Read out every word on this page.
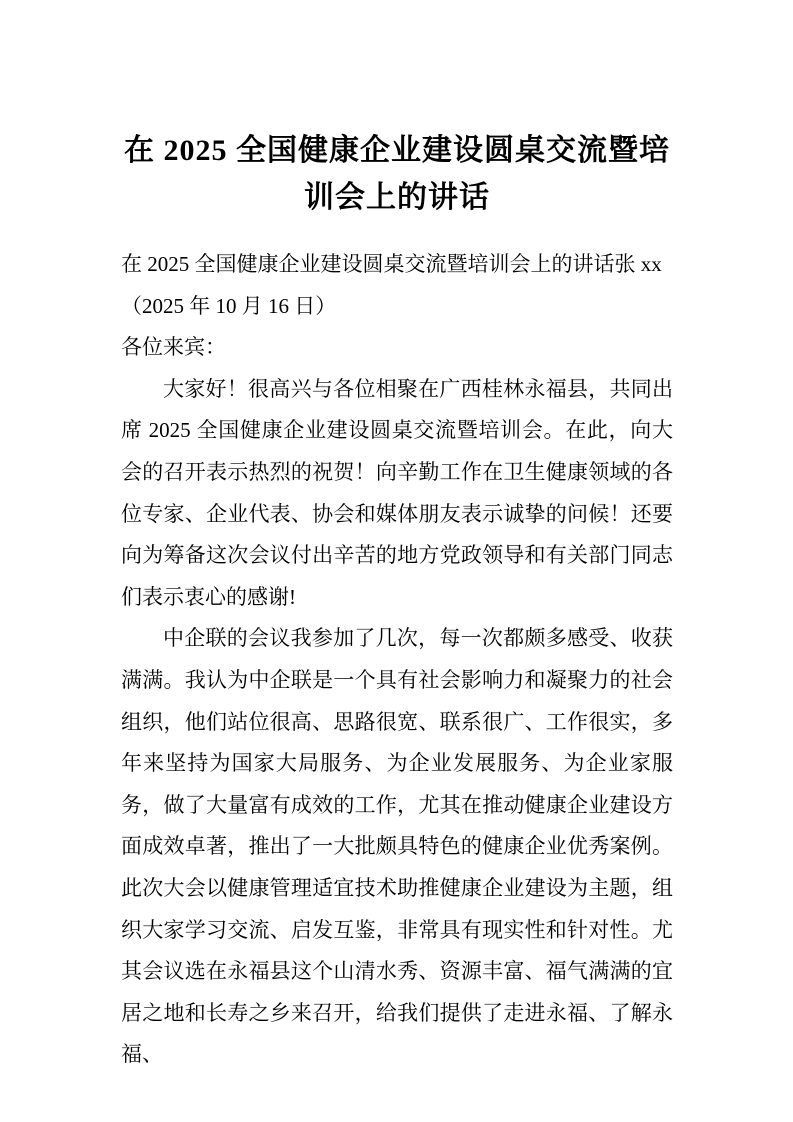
在 2025 全国健康企业建设圆桌交流暨培训会上的讲话

在 2025 全国健康企业建设圆桌交流暨培训会上的讲话张 xx

（2025 年 10 月 16 日）

各位来宾：

大家好！很高兴与各位相聚在广西桂林永福县，共同出席 2025 全国健康企业建设圆桌交流暨培训会。在此，向大会的召开表示热烈的祝贺！向辛勤工作在卫生健康领域的各位专家、企业代表、协会和媒体朋友表示诚挚的问候！还要向为筹备这次会议付出辛苦的地方党政领导和有关部门同志们表示衷心的感谢!

中企联的会议我参加了几次，每一次都颇多感受、收获满满。我认为中企联是一个具有社会影响力和凝聚力的社会组织，他们站位很高、思路很宽、联系很广、工作很实，多年来坚持为国家大局服务、为企业发展服务、为企业家服务，做了大量富有成效的工作，尤其在推动健康企业建设方面成效卓著，推出了一大批颇具特色的健康企业优秀案例。此次大会以健康管理适宜技术助推健康企业建设为主题，组织大家学习交流、启发互鉴，非常具有现实性和针对性。尤其会议选在永福县这个山清水秀、资源丰富、福气满满的宜居之地和长寿之乡来召开，给我们提供了走进永福、了解永福、
